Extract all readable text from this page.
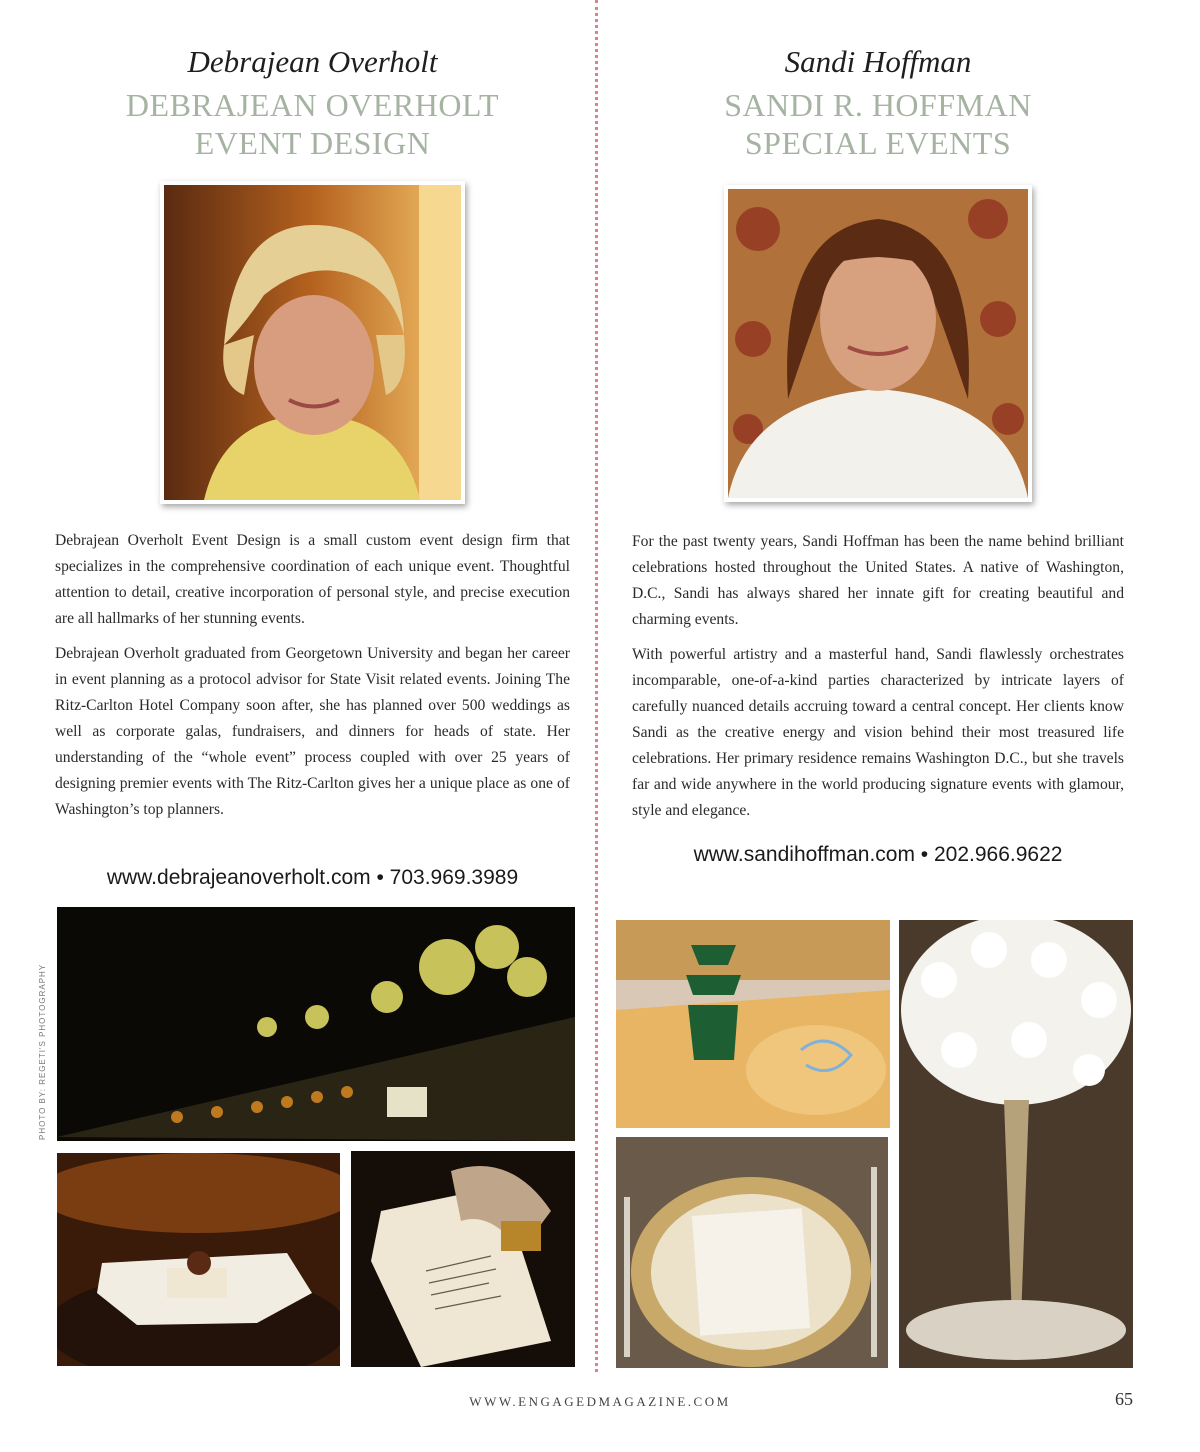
Debrajean Overholt
DEBRAJEAN OVERHOLT
EVENT DESIGN

Debrajean Overholt Event Design is a small custom event design firm that specializes in the comprehensive coordination of each unique event. Thoughtful attention to detail, creative incorporation of personal style, and precise execution are all hallmarks of her stunning events.

Debrajean Overholt graduated from Georgetown University and began her career in event planning as a protocol advisor for State Visit related events. Joining The Ritz-Carlton Hotel Company soon after, she has planned over 500 weddings as well as corporate galas, fundraisers, and dinners for heads of state. Her understanding of the “whole event” process coupled with over 25 years of designing premier events with The Ritz-Carlton gives her a unique place as one of Washington’s top planners.

www.debrajeanoverholt.com • 703.969.3989
PHOTO BY: REGETI'S PHOTOGRAPHY
Sandi Hoffman
SANDI R. HOFFMAN
SPECIAL EVENTS

For the past twenty years, Sandi Hoffman has been the name behind brilliant celebrations hosted throughout the United States. A native of Washington, D.C., Sandi has always shared her innate gift for creating beautiful and charming events.

With powerful artistry and a masterful hand, Sandi flawlessly orchestrates incomparable, one-of-a-kind parties characterized by intricate layers of carefully nuanced details accruing toward a central concept. Her clients know Sandi as the creative energy and vision behind their most treasured life celebrations. Her primary residence remains Washington D.C., but she travels far and wide anywhere in the world producing signature events with glamour, style and elegance.

www.sandihoffman.com • 202.966.9622
WWW.ENGAGEDMAGAZINE.COM	65
